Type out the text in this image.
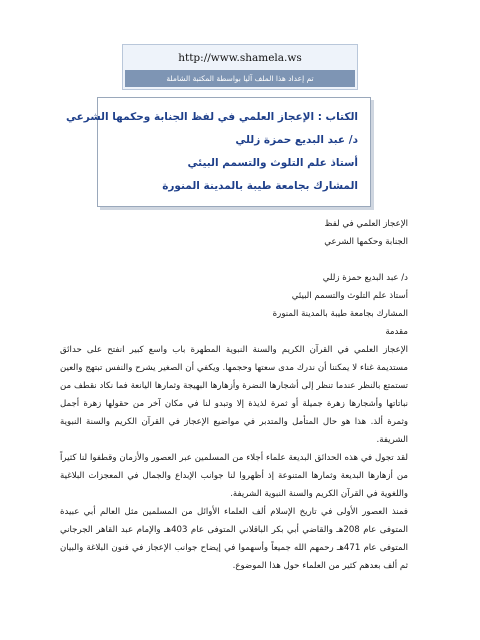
http://www.shamela.ws
تم إعداد هذا الملف آليا بواسطة المكتبة الشاملة
الكتاب : الإعجاز العلمي في لفظ الجنابة وحكمها الشرعي
د/ عبد البديع حمزة زللي
أستاذ علم التلوث والتسمم البيئي
المشارك بجامعة طيبة بالمدينة المنورة
الإعجاز العلمي في لفظ
الجنابة وحكمها الشرعي
د/ عبد البديع حمزة زللي
أستاذ علم التلوث والتسمم البيئي
المشارك بجامعة طيبة بالمدينة المنورة
مقدمة
الإعجاز العلمي في القرآن الكريم والسنة النبوية المطهرة باب واسع كبير انفتح على حدائق مستديمة غناء لا يمكننا أن ندرك مدى سعتها وحجمها. ويكفي أن الصغير يشرح والنفس تبتهج والعين تستمتع بالنظر عندما تنظر إلى أشجارها النضرة وأزهارها البهيجة وثمارها اليانعة فما نكاد نقطف من نباتاتها وأشجارها زهرة جميلة أو ثمرة لذيذة إلا وتبدو لنا في مكان آخر من حقولها زهرة أجمل وثمرة ألذ. هذا هو حال المتأمل والمتدبر في مواضيع الإعجاز في القرآن الكريم والسنة النبوية الشريفة.
لقد تجول في هذه الحدائق البديعة علماء أجلاء من المسلمين عبر العصور والأزمان وقطفوا لنا كثيراً من أزهارها البديعة وثمارها المتنوعة إذ أظهروا لنا جوانب الإبداع والجمال في المعجزات البلاغية واللغوية في القرآن الكريم والسنة النبوية الشريفة.
فمنذ العصور الأولى في تاريخ الإسلام ألف العلماء الأوائل من المسلمين مثل العالم أبي عبيدة المتوفى عام 208هـ والقاضي أبي بكر الباقلاني المتوفى عام 403هـ والإمام عبد القاهر الجرجاني المتوفى عام 471هـ رحمهم الله جميعاً وأسهموا في إيضاح جوانب الإعجاز في فنون البلاغة والبيان ثم ألف بعدهم كثير من العلماء حول هذا الموضوع.
